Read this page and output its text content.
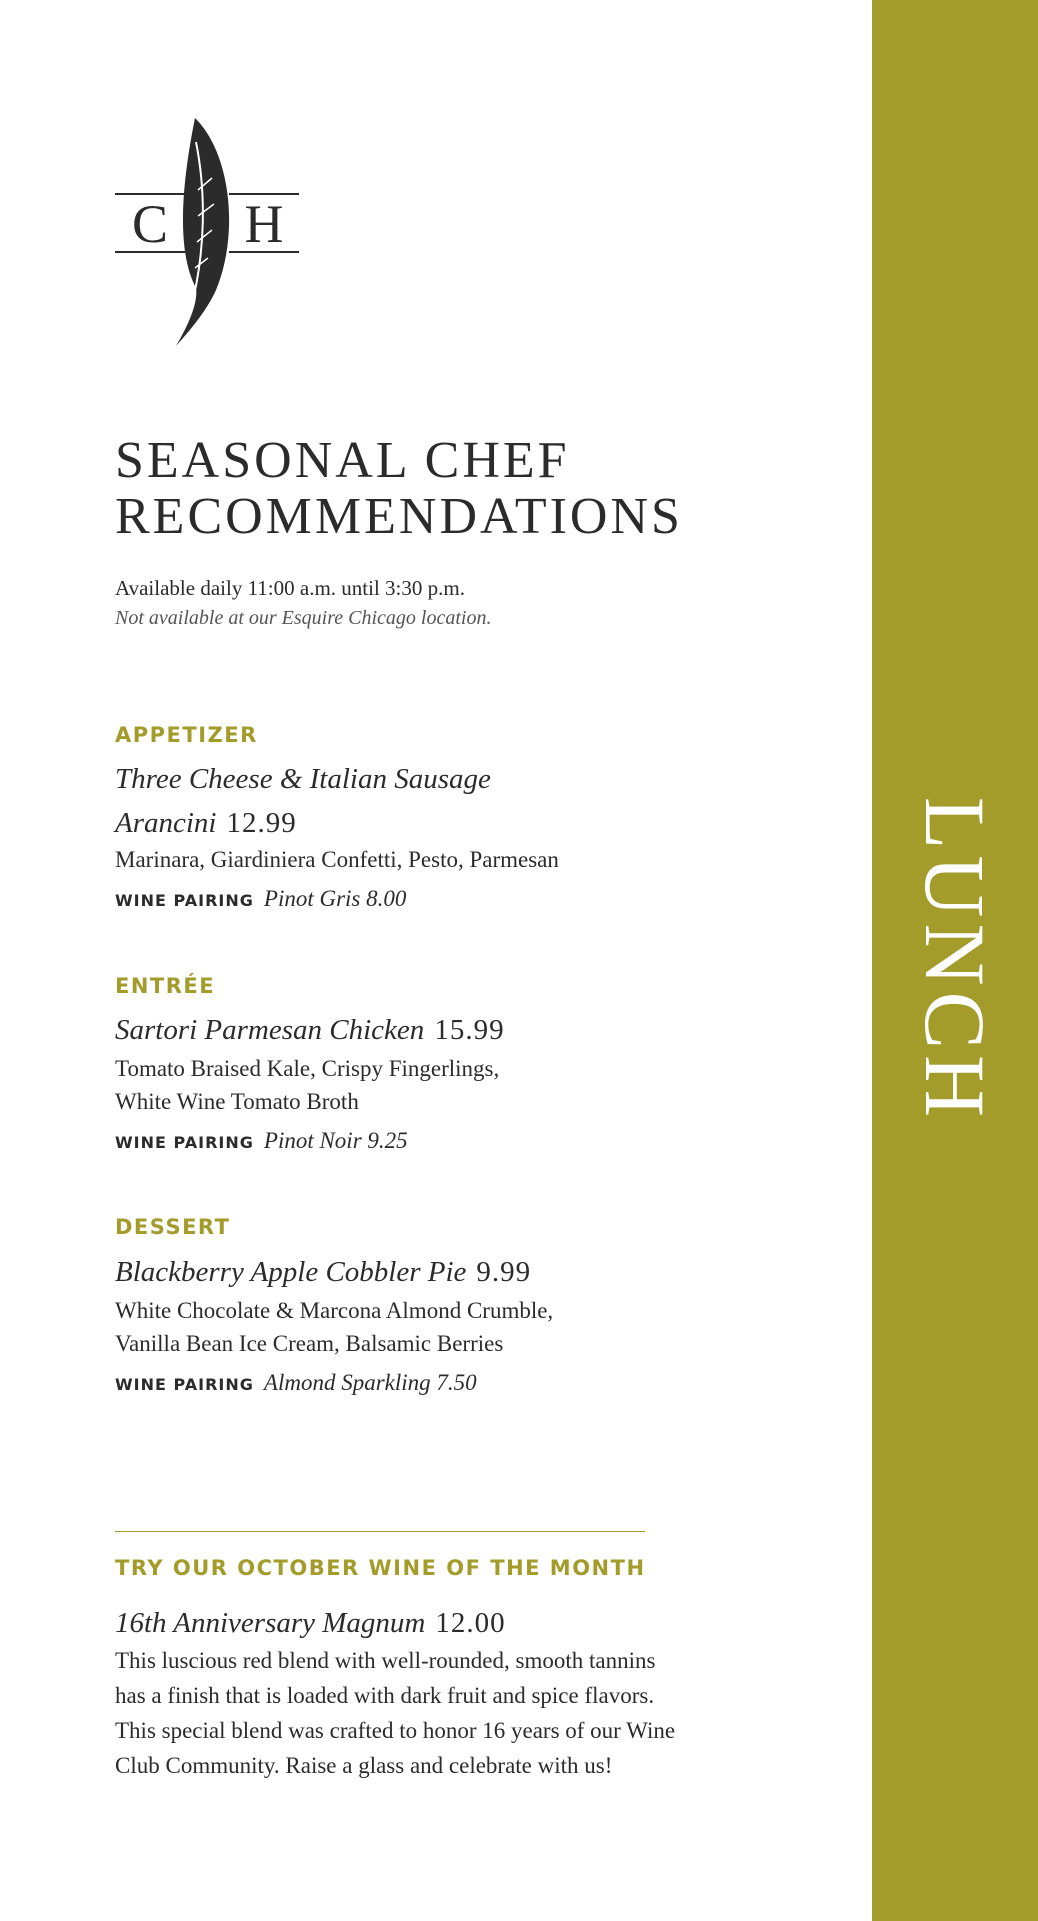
C H
SEASONAL CHEF
RECOMMENDATIONS
Available daily 11:00 a.m. until 3:30 p.m.
Not available at our Esquire Chicago location.
APPETIZER
Three Cheese & Italian Sausage
Arancini 12.99
Marinara, Giardiniera Confetti, Pesto, Parmesan
WINE PAIRING Pinot Gris 8.00
ENTRÉE
Sartori Parmesan Chicken 15.99
Tomato Braised Kale, Crispy Fingerlings,
White Wine Tomato Broth
WINE PAIRING Pinot Noir 9.25
DESSERT
Blackberry Apple Cobbler Pie 9.99
White Chocolate & Marcona Almond Crumble,
Vanilla Bean Ice Cream, Balsamic Berries
WINE PAIRING Almond Sparkling 7.50
TRY OUR OCTOBER WINE OF THE MONTH
16th Anniversary Magnum 12.00
This luscious red blend with well-rounded, smooth tannins
has a finish that is loaded with dark fruit and spice flavors.
This special blend was crafted to honor 16 years of our Wine
Club Community. Raise a glass and celebrate with us!
LUNCH
